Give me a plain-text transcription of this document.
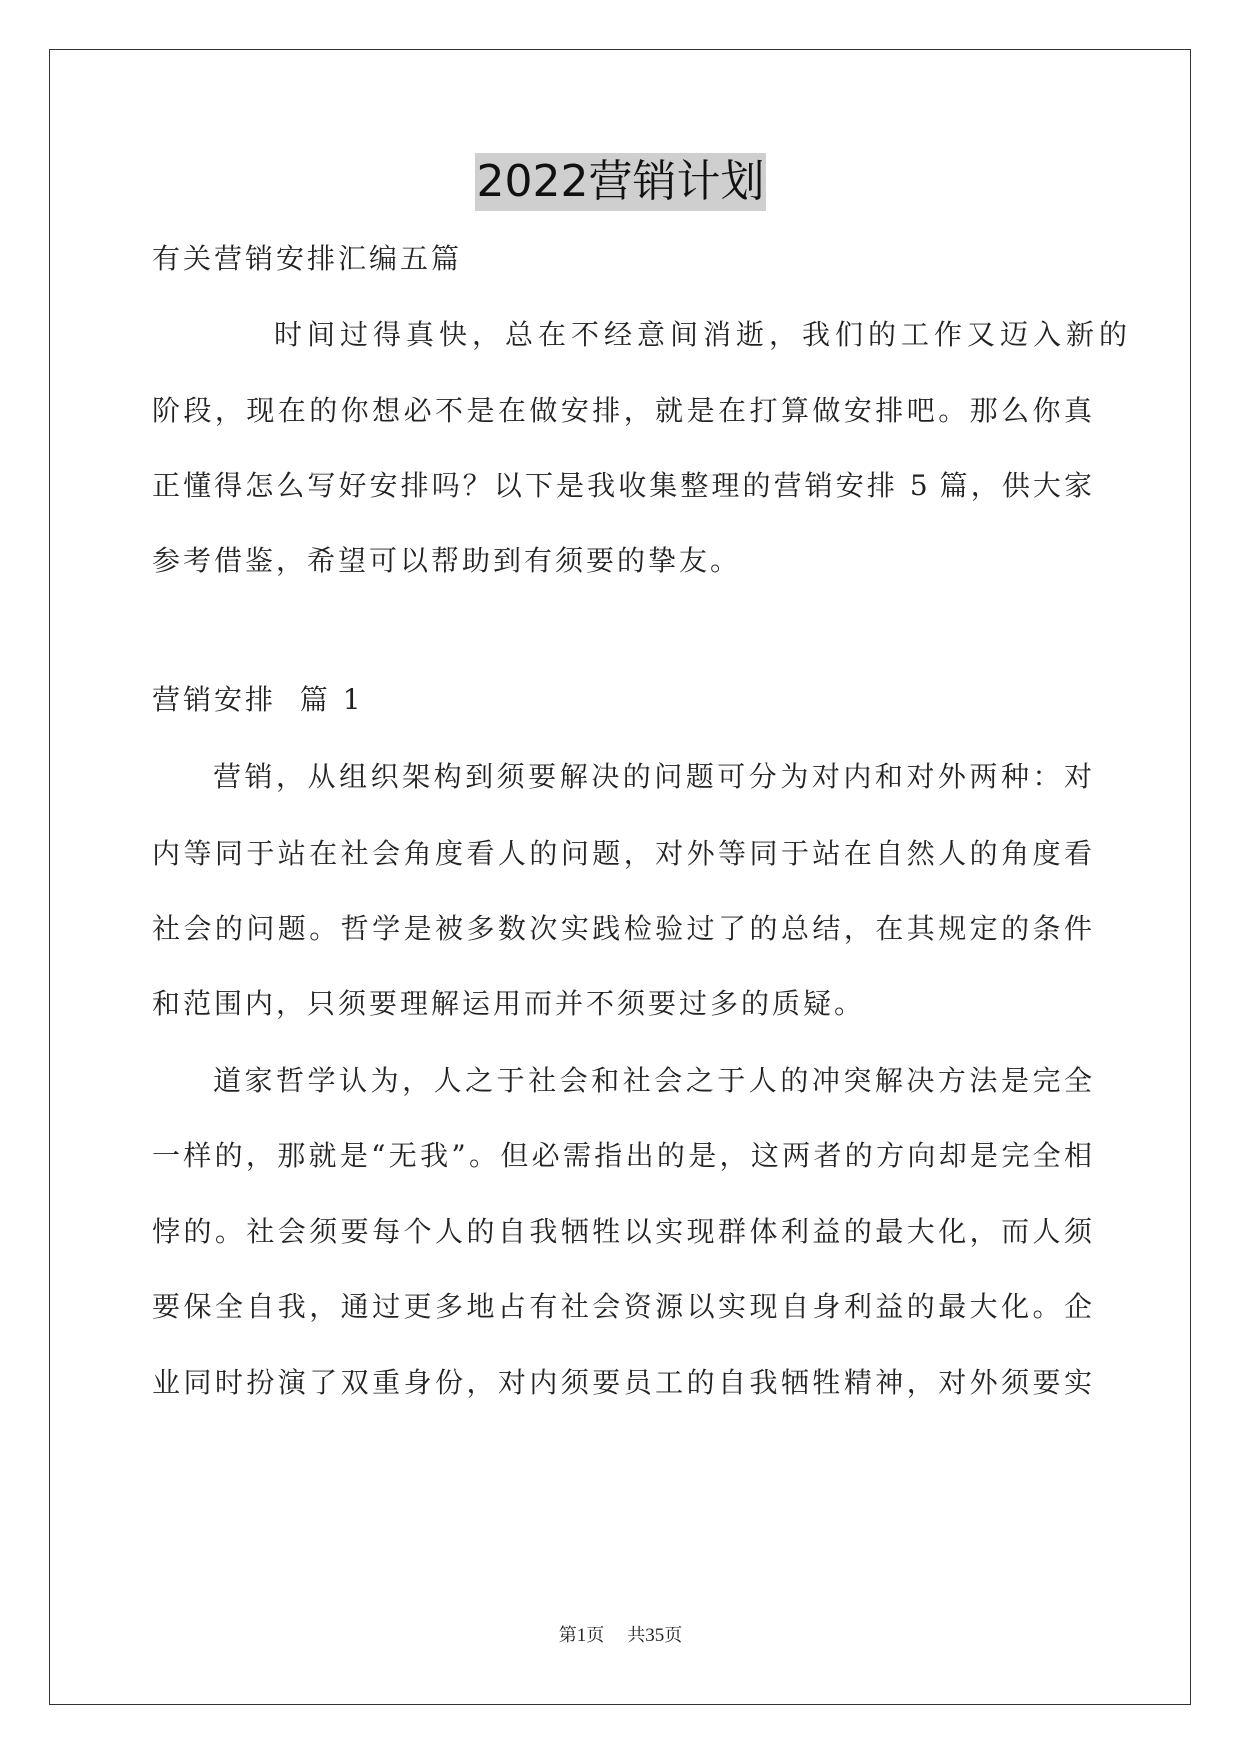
2022营销计划
有关营销安排汇编五篇
时间过得真快，总在不经意间消逝，我们的工作又迈入新的
阶段，现在的你想必不是在做安排，就是在打算做安排吧。那么你真
正懂得怎么写好安排吗？以下是我收集整理的营销安排 5 篇，供大家
参考借鉴，希望可以帮助到有须要的挚友。
营销安排  篇 1
营销，从组织架构到须要解决的问题可分为对内和对外两种：对
内等同于站在社会角度看人的问题，对外等同于站在自然人的角度看
社会的问题。哲学是被多数次实践检验过了的总结，在其规定的条件
和范围内，只须要理解运用而并不须要过多的质疑。
道家哲学认为，人之于社会和社会之于人的冲突解决方法是完全
一样的，那就是“无我”。但必需指出的是，这两者的方向却是完全相
悖的。社会须要每个人的自我牺牲以实现群体利益的最大化，而人须
要保全自我，通过更多地占有社会资源以实现自身利益的最大化。企
业同时扮演了双重身份，对内须要员工的自我牺牲精神，对外须要实
第1页 共35页
